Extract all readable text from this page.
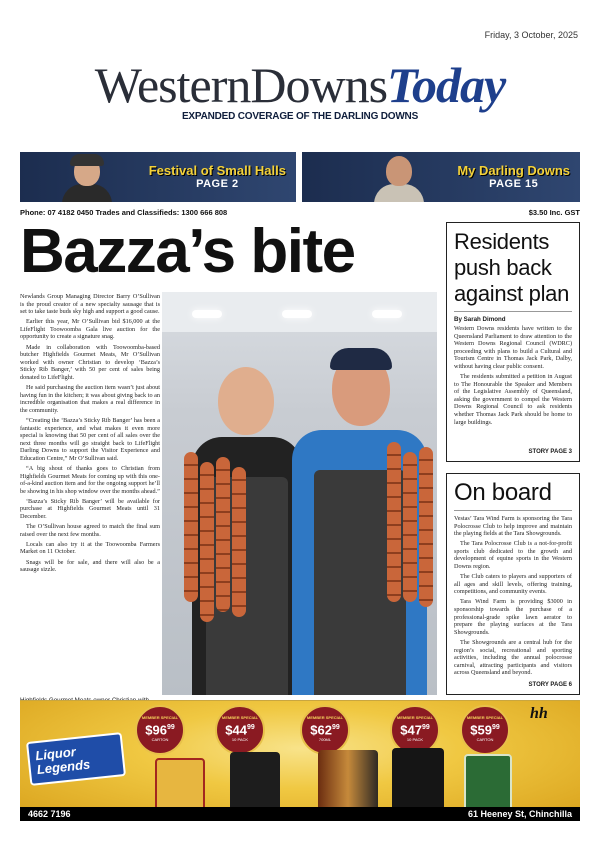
Friday, 3 October, 2025
WesternDownsToday
EXPANDED COVERAGE OF THE DARLING DOWNS
Festival of Small Halls
PAGE 2
My Darling Downs
PAGE 15
Phone: 07 4182 0450 Trades and Classifieds: 1300 666 808	$3.50 Inc. GST
Bazza’s bite

Newlands Group Managing Director Barry O’Sullivan is the proud creator of a new specialty sausage that is set to take taste buds sky high and support a good cause.

Earlier this year, Mr O’Sullivan bid $16,000 at the LifeFlight Toowoomba Gala live auction for the opportunity to create a signature snag.

Made in collaboration with Toowoomba-based butcher Highfields Gourmet Meats, Mr O’Sullivan worked with owner Christian to develop ‘Bazza’s Sticky Rib Banger,’ with 50 per cent of sales being donated to LifeFlight.

He said purchasing the auction item wasn’t just about having fun in the kitchen; it was about giving back to an incredible organisation that makes a real difference in the community.

“Creating the ‘Bazza’s Sticky Rib Banger’ has been a fantastic experience, and what makes it even more special is knowing that 50 per cent of all sales over the next three months will go straight back to LifeFlight Darling Downs to support the Visitor Experience and Education Centre,” Mr O’Sullivan said.

“A big shout of thanks goes to Christian from Highfields Gourmet Meats for coming up with this one-of-a-kind auction item and for the ongoing support he’ll be showing in his shop window over the months ahead.”

‘Bazza’s Sticky Rib Banger’ will be available for purchase at Highfields Gourmet Meats until 31 December.

The O’Sullivan house agreed to match the final sum raised over the next few months.

Locals can also try it at the Toowoomba Farmers Market on 11 October.

Snags will be for sale, and there will also be a sausage sizzle.

Residents push back against plan
By Sarah Dimond

Western Downs residents have written to the Queensland Parliament to draw attention to the Western Downs Regional Council (WDRC) proceeding with plans to build a Cultural and Tourism Centre in Thomas Jack Park, Dalby, without having clear public consent.

The residents submitted a petition in August to The Honourable the Speaker and Members of the Legislative Assembly of Queensland, asking the government to compel the Western Downs Regional Council to ask residents whether Thomas Jack Park should be home to large buildings.

STORY PAGE 3
On board

Vestas’ Tara Wind Farm is sponsoring the Tara Polocrosse Club to help improve and maintain the playing fields at the Tara Showgrounds.

The Tara Polocrosse Club is a not-for-profit sports club dedicated to the growth and development of equine sports in the Western Downs region.

The Club caters to players and supporters of all ages and skill levels, offering training, competitions, and community events.

Tara Wind Farm is providing $3000 in sponsorship towards the purchase of a professional-grade spike lawn aerator to prepare the playing surfaces at the Tara Showgrounds.

The Showgrounds are a central hub for the region’s social, recreational and sporting activities, including the annual polocrosse carnival, attracting participants and visitors across Queensland and beyond.

STORY PAGE 6
Liquor Legends
MEMBER SPECIAL
$\$96^{99}$
CARTON
MEMBER SPECIAL
$\$44^{99}$
10 PACK
MEMBER SPECIAL
$\$62^{99}$
700ML
MEMBER SPECIAL
$\$47^{99}$
10 PACK
MEMBER SPECIAL
$\$59^{99}$
CARTON
hh
4662 7196	61 Heeney St, Chinchilla
